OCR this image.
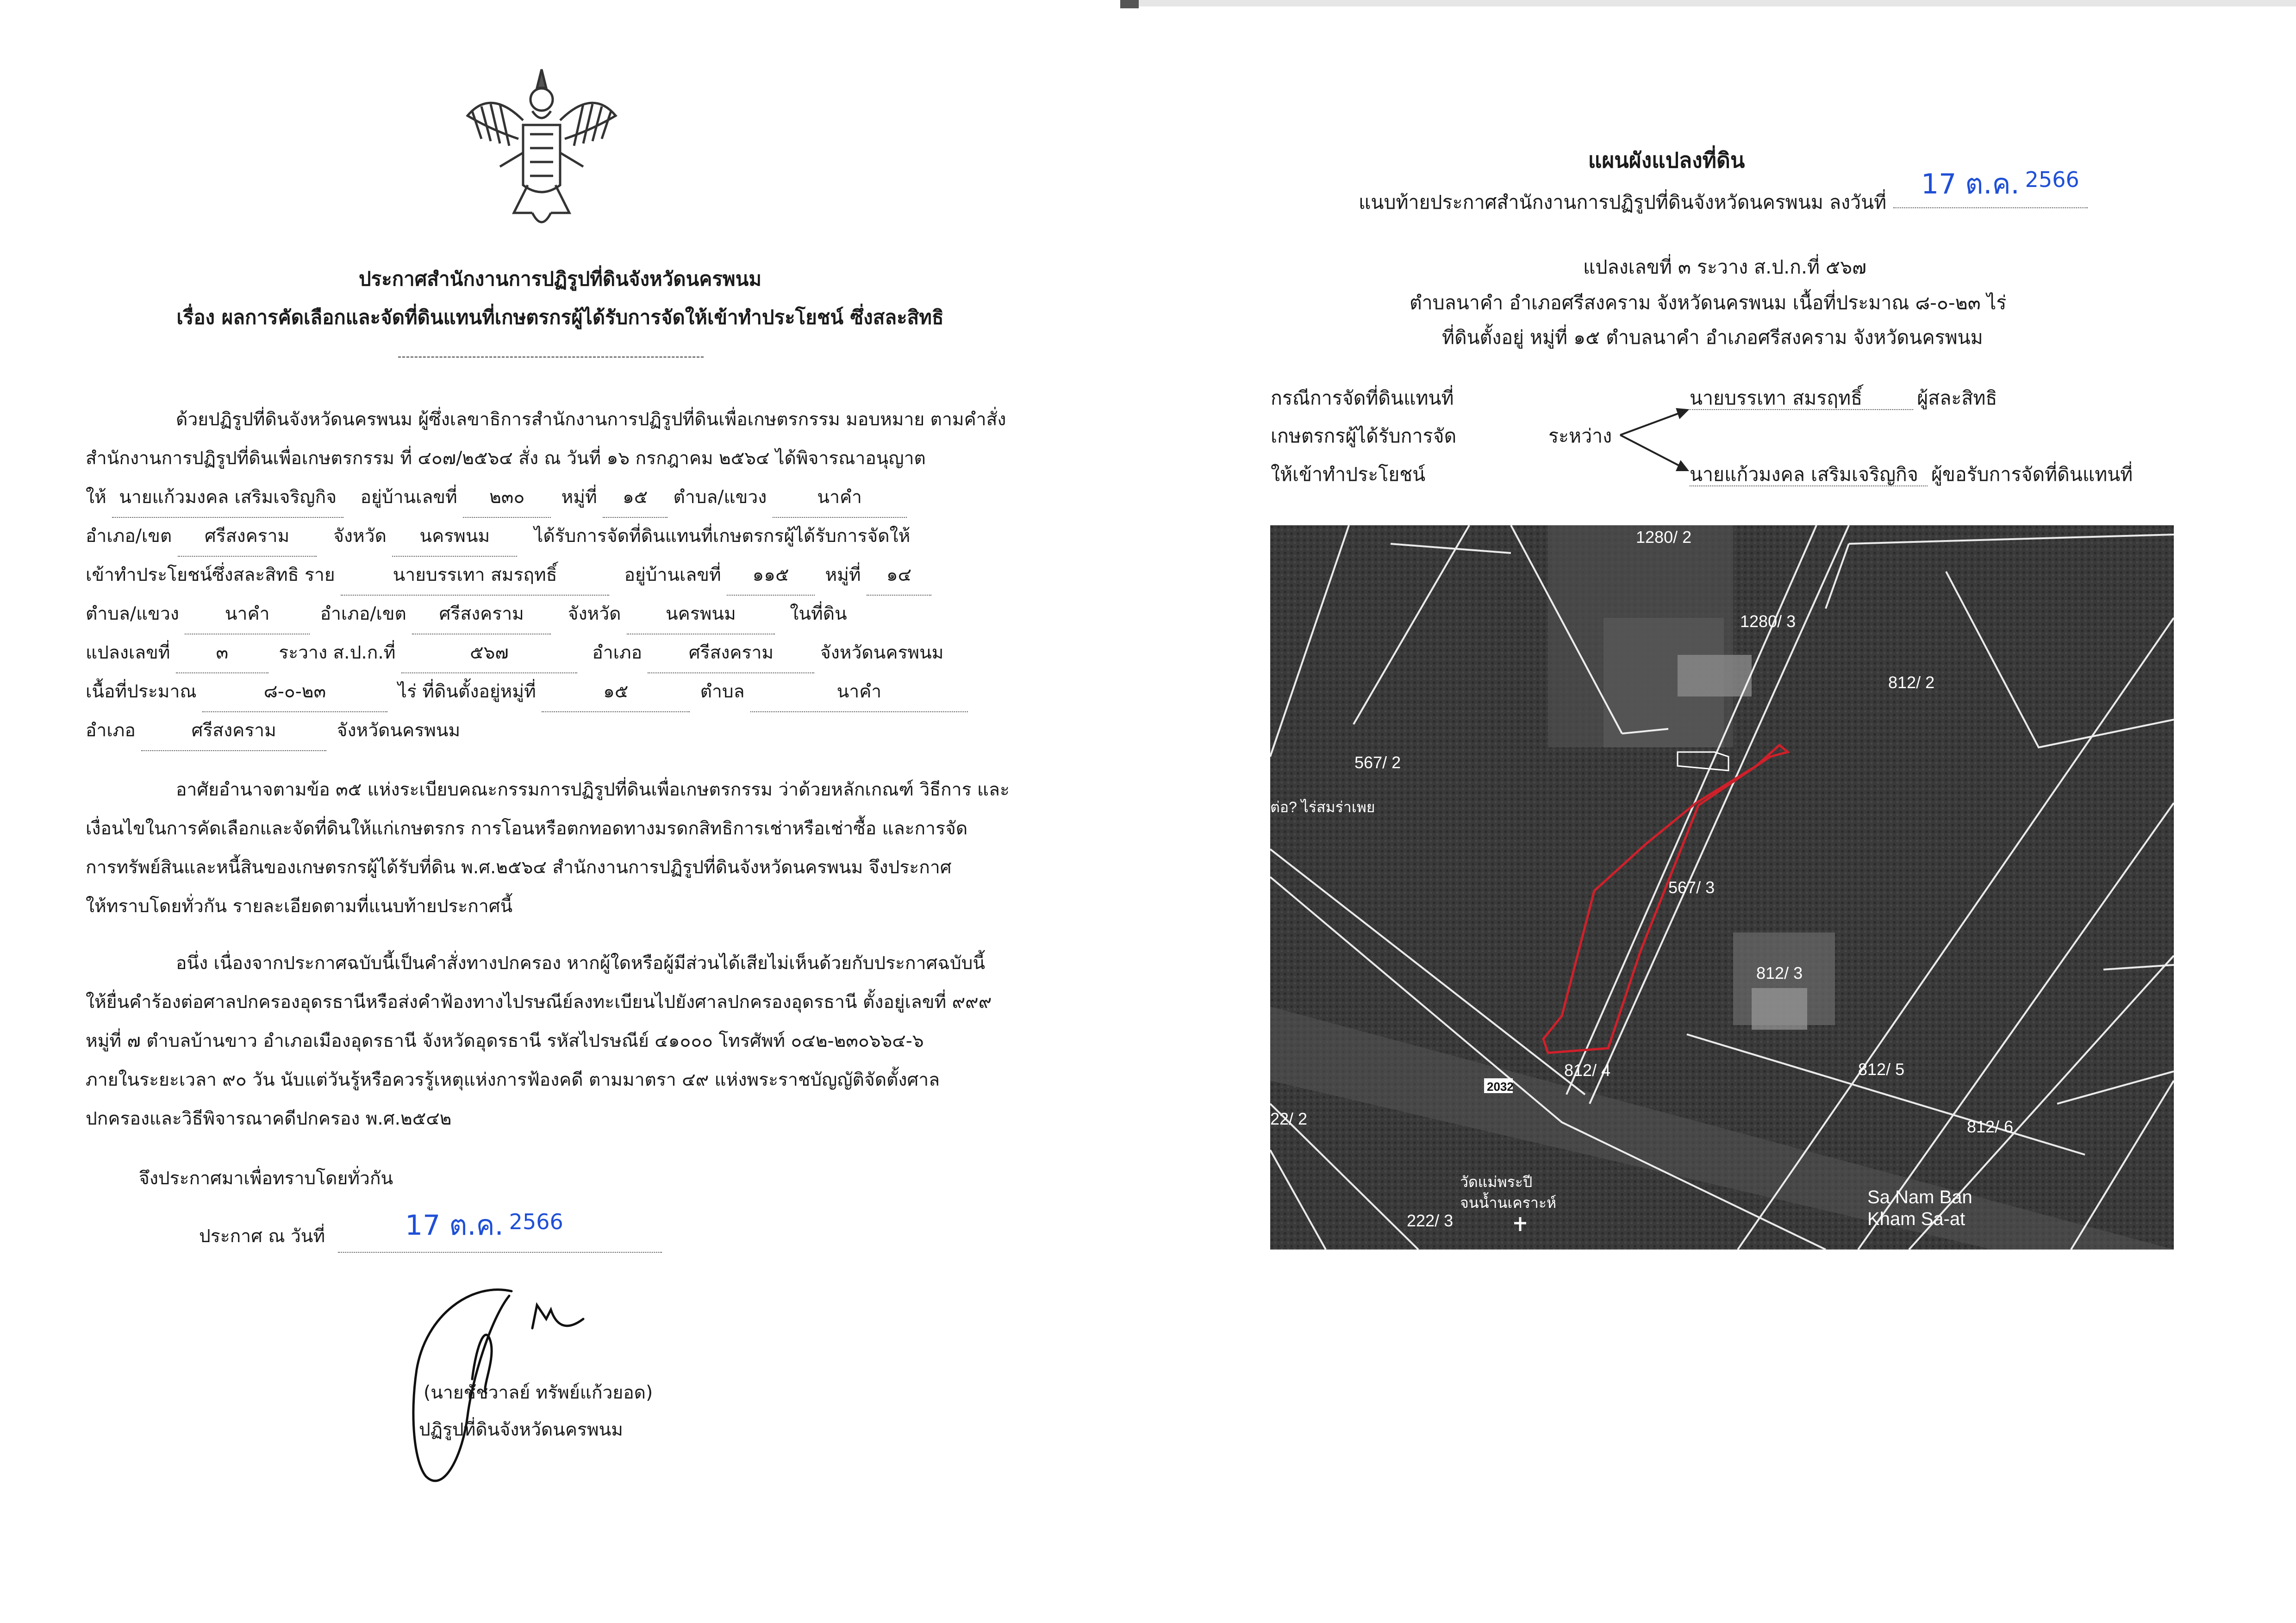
ประกาศสำนักงานการปฏิรูปที่ดินจังหวัดนครพนม
เรื่อง ผลการคัดเลือกและจัดที่ดินแทนที่เกษตรกรผู้ได้รับการจัดให้เข้าทำประโยชน์ ซึ่งสละสิทธิ
ด้วยปฏิรูปที่ดินจังหวัดนครพนม ผู้ซึ่งเลขาธิการสำนักงานการปฏิรูปที่ดินเพื่อเกษตรกรรม มอบหมาย ตามคำสั่ง
สำนักงานการปฏิรูปที่ดินเพื่อเกษตรกรรม ที่ ๔๐๗/๒๕๖๔ สั่ง ณ วันที่ ๑๖ กรกฎาคม ๒๕๖๔ ได้พิจารณาอนุญาต
ให้ นายแก้วมงคล เสริมเจริญกิจ อยู่บ้านเลขที่ ๒๓๐ หมู่ที่ ๑๕ ตำบล/แขวง	นาคำ
อำเภอ/เขต ศรีสงคราม จังหวัด นครพนม ได้รับการจัดที่ดินแทนที่เกษตรกรผู้ได้รับการจัดให้
เข้าทำประโยชน์ซึ่งสละสิทธิ ราย	นายบรรเทา สมรฤทธิ์	อยู่บ้านเลขที่ ๑๑๕ หมู่ที่ ๑๔
ตำบล/แขวง	นาคำ	อำเภอ/เขต ศรีสงคราม จังหวัด นครพนม	ในที่ดิน
แปลงเลขที่	๓	ระวาง ส.ป.ก.ที่	๕๖๗	อำเภอ	ศรีสงคราม	จังหวัดนครพนม
เนื้อที่ประมาณ	๘-๐-๒๓	ไร่ ที่ดินตั้งอยู่หมู่ที่	๑๕	ตำบล	นาคำ
อำเภอ	ศรีสงคราม	จังหวัดนครพนม
อาศัยอำนาจตามข้อ ๓๕ แห่งระเบียบคณะกรรมการปฏิรูปที่ดินเพื่อเกษตรกรรม ว่าด้วยหลักเกณฑ์ วิธีการ และ
เงื่อนไขในการคัดเลือกและจัดที่ดินให้แก่เกษตรกร การโอนหรือตกทอดทางมรดกสิทธิการเช่าหรือเช่าซื้อ และการจัด
การทรัพย์สินและหนี้สินของเกษตรกรผู้ได้รับที่ดิน พ.ศ.๒๕๖๔ สำนักงานการปฏิรูปที่ดินจังหวัดนครพนม จึงประกาศ
ให้ทราบโดยทั่วกัน รายละเอียดตามที่แนบท้ายประกาศนี้
อนึ่ง เนื่องจากประกาศฉบับนี้เป็นคำสั่งทางปกครอง หากผู้ใดหรือผู้มีส่วนได้เสียไม่เห็นด้วยกับประกาศฉบับนี้
ให้ยื่นคำร้องต่อศาลปกครองอุดรธานีหรือส่งคำฟ้องทางไปรษณีย์ลงทะเบียนไปยังศาลปกครองอุดรธานี ตั้งอยู่เลขที่ ๙๙๙
หมู่ที่ ๗ ตำบลบ้านขาว อำเภอเมืองอุดรธานี จังหวัดอุดรธานี รหัสไปรษณีย์ ๔๑๐๐๐ โทรศัพท์ ๐๔๒-๒๓๐๖๖๔-๖
ภายในระยะเวลา ๙๐ วัน นับแต่วันรู้หรือควรรู้เหตุแห่งการฟ้องคดี ตามมาตรา ๔๙ แห่งพระราชบัญญัติจัดตั้งศาล
ปกครองและวิธีพิจารณาคดีปกครอง พ.ศ.๒๕๔๒
จึงประกาศมาเพื่อทราบโดยทั่วกัน
ประกาศ ณ วันที่	17 ต.ค. $^{2566}$
(นายชัชวาลย์ ทรัพย์แก้วยอด)
ปฏิรูปที่ดินจังหวัดนครพนม
แผนผังแปลงที่ดิน
แนบท้ายประกาศสำนักงานการปฏิรูปที่ดินจังหวัดนครพนม ลงวันที่
17 ต.ค. $^{2566}$
แปลงเลขที่ ๓ ระวาง ส.ป.ก.ที่ ๕๖๗
ตำบลนาคำ อำเภอศรีสงคราม จังหวัดนครพนม เนื้อที่ประมาณ ๘-๐-๒๓ ไร่
ที่ดินตั้งอยู่ หมู่ที่ ๑๕ ตำบลนาคำ อำเภอศรีสงคราม จังหวัดนครพนม
กรณีการจัดที่ดินแทนที่
เกษตรกรผู้ได้รับการจัด
ให้เข้าทำประโยชน์
ระหว่าง
นายบรรเทา สมรฤทธิ์	ผู้สละสิทธิ
นายแก้วมงคล เสริมเจริญกิจ ผู้ขอรับการจัดที่ดินแทนที่
1280/ 2
1280/ 3
812/ 2
567/ 2
567/ 3
812/ 3
812/ 4	812/ 5
812/ 6
222/ 3
22/ 2
ต่อ? ไร่สมร่าเพย
วัดแม่พระปี
จนน้ำนเคราะห์	Sa Nam Ban
Kham Sa-at
2032
